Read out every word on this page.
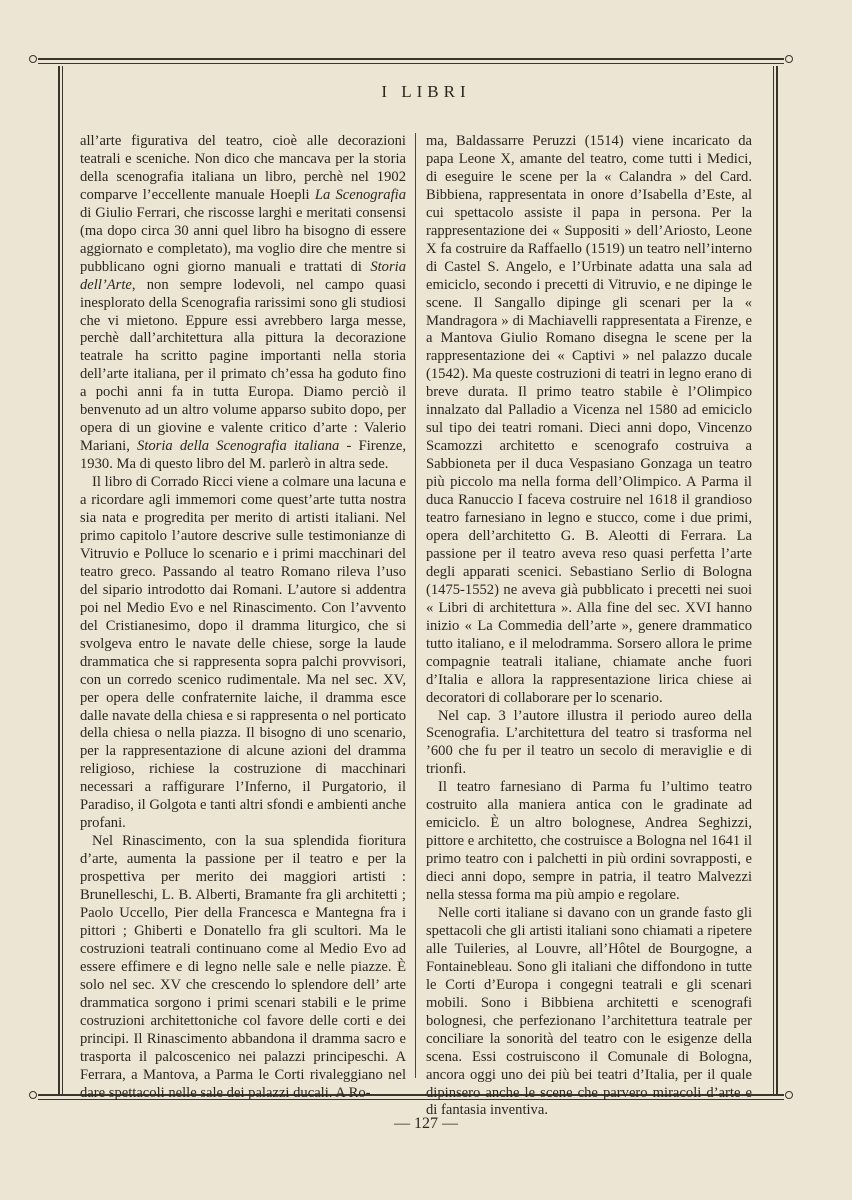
I LIBRI

all’arte figurativa del teatro, cioè alle decorazioni teatrali e sceniche. Non dico che mancava per la storia della scenografia italiana un libro, perchè nel 1902 comparve l’eccellente manuale Hoepli La Scenografia di Giulio Ferrari, che riscosse larghi e meritati consensi (ma dopo circa 30 anni quel libro ha bisogno di essere aggiornato e completato), ma voglio dire che mentre si pubblicano ogni giorno manuali e trattati di Storia dell’Arte, non sempre lodevoli, nel campo quasi inesplorato della Scenografia rarissimi sono gli studiosi che vi mietono. Eppure essi avrebbero larga messe, perchè dall’architettura alla pittura la decorazione teatrale ha scritto pagine importanti nella storia dell’arte italiana, per il primato ch’essa ha goduto fino a pochi anni fa in tutta Europa. Diamo perciò il benvenuto ad un altro volume apparso subito dopo, per opera di un giovine e valente critico d’arte : Valerio Mariani, Storia della Scenografia italiana - Firenze, 1930. Ma di questo libro del M. parlerò in altra sede.

Il libro di Corrado Ricci viene a colmare una lacuna e a ricordare agli immemori come quest’arte tutta nostra sia nata e progredita per merito di artisti italiani. Nel primo capitolo l’autore descrive sulle testimonianze di Vitruvio e Polluce lo scenario e i primi macchinari del teatro greco. Passando al teatro Romano rileva l’uso del sipario introdotto dai Romani. L’autore si addentra poi nel Medio Evo e nel Rinascimento. Con l’avvento del Cristianesimo, dopo il dramma liturgico, che si svolgeva entro le navate delle chiese, sorge la laude drammatica che si rappresenta sopra palchi provvisori, con un corredo scenico rudimentale. Ma nel sec. XV, per opera delle confraternite laiche, il dramma esce dalle navate della chiesa e si rappresenta o nel porticato della chiesa o nella piazza. Il bisogno di uno scenario, per la rappresentazione di alcune azioni del dramma religioso, richiese la costruzione di macchinari necessari a raffigurare l’Inferno, il Purgatorio, il Paradiso, il Golgota e tanti altri sfondi e ambienti anche profani.

Nel Rinascimento, con la sua splendida fioritura d’arte, aumenta la passione per il teatro e per la prospettiva per merito dei maggiori artisti : Brunelleschi, L. B. Alberti, Bramante fra gli architetti ; Paolo Uccello, Pier della Francesca e Mantegna fra i pittori ; Ghiberti e Donatello fra gli scultori. Ma le costruzioni teatrali continuano come al Medio Evo ad essere effimere e di legno nelle sale e nelle piazze. È solo nel sec. XV che crescendo lo splendore dell’ arte drammatica sorgono i primi scenari stabili e le prime costruzioni architettoniche col favore delle corti e dei principi. Il Rinascimento abbandona il dramma sacro e trasporta il palcoscenico nei palazzi principeschi. A Ferrara, a Mantova, a Parma le Corti rivaleggiano nel dare spettacoli nelle sale dei palazzi ducali. A Ro-

ma, Baldassarre Peruzzi (1514) viene incaricato da papa Leone X, amante del teatro, come tutti i Medici, di eseguire le scene per la « Calandra » del Card. Bibbiena, rappresentata in onore d’Isabella d’Este, al cui spettacolo assiste il papa in persona. Per la rappresentazione dei « Suppositi » dell’Ariosto, Leone X fa costruire da Raffaello (1519) un teatro nell’interno di Castel S. Angelo, e l’Urbinate adatta una sala ad emiciclo, secondo i precetti di Vitruvio, e ne dipinge le scene. Il Sangallo dipinge gli scenari per la « Mandragora » di Machiavelli rappresentata a Firenze, e a Mantova Giulio Romano disegna le scene per la rappresentazione dei « Captivi » nel palazzo ducale (1542). Ma queste costruzioni di teatri in legno erano di breve durata. Il primo teatro stabile è l’Olimpico innalzato dal Palladio a Vicenza nel 1580 ad emiciclo sul tipo dei teatri romani. Dieci anni dopo, Vincenzo Scamozzi architetto e scenografo costruiva a Sabbioneta per il duca Vespasiano Gonzaga un teatro più piccolo ma nella forma dell’Olimpico. A Parma il duca Ranuccio I faceva costruire nel 1618 il grandioso teatro farnesiano in legno e stucco, come i due primi, opera dell’architetto G. B. Aleotti di Ferrara. La passione per il teatro aveva reso quasi perfetta l’arte degli apparati scenici. Sebastiano Serlio di Bologna (1475-1552) ne aveva già pubblicato i precetti nei suoi « Libri di architettura ». Alla fine del sec. XVI hanno inizio « La Commedia dell’arte », genere drammatico tutto italiano, e il melodramma. Sorsero allora le prime compagnie teatrali italiane, chiamate anche fuori d’Italia e allora la rappresentazione lirica chiese ai decoratori di collaborare per lo scenario.

Nel cap. 3 l’autore illustra il periodo aureo della Scenografia. L’architettura del teatro si trasforma nel ’600 che fu per il teatro un secolo di meraviglie e di trionfi.

Il teatro farnesiano di Parma fu l’ultimo teatro costruito alla maniera antica con le gradinate ad emiciclo. È un altro bolognese, Andrea Seghizzi, pittore e architetto, che costruisce a Bologna nel 1641 il primo teatro con i palchetti in più ordini sovrapposti, e dieci anni dopo, sempre in patria, il teatro Malvezzi nella stessa forma ma più ampio e regolare.

Nelle corti italiane si davano con un grande fasto gli spettacoli che gli artisti italiani sono chiamati a ripetere alle Tuileries, al Louvre, all’Hôtel de Bourgogne, a Fontainebleau. Sono gli italiani che diffondono in tutte le Corti d’Europa i congegni teatrali e gli scenari mobili. Sono i Bibbiena architetti e scenografi bolognesi, che perfezionano l’architettura teatrale per conciliare la sonorità del teatro con le esigenze della scena. Essi costruiscono il Comunale di Bologna, ancora oggi uno dei più bei teatri d’Italia, per il quale dipinsero anche le scene che parvero miracoli d’arte e di fantasia inventiva.

— 127 —
